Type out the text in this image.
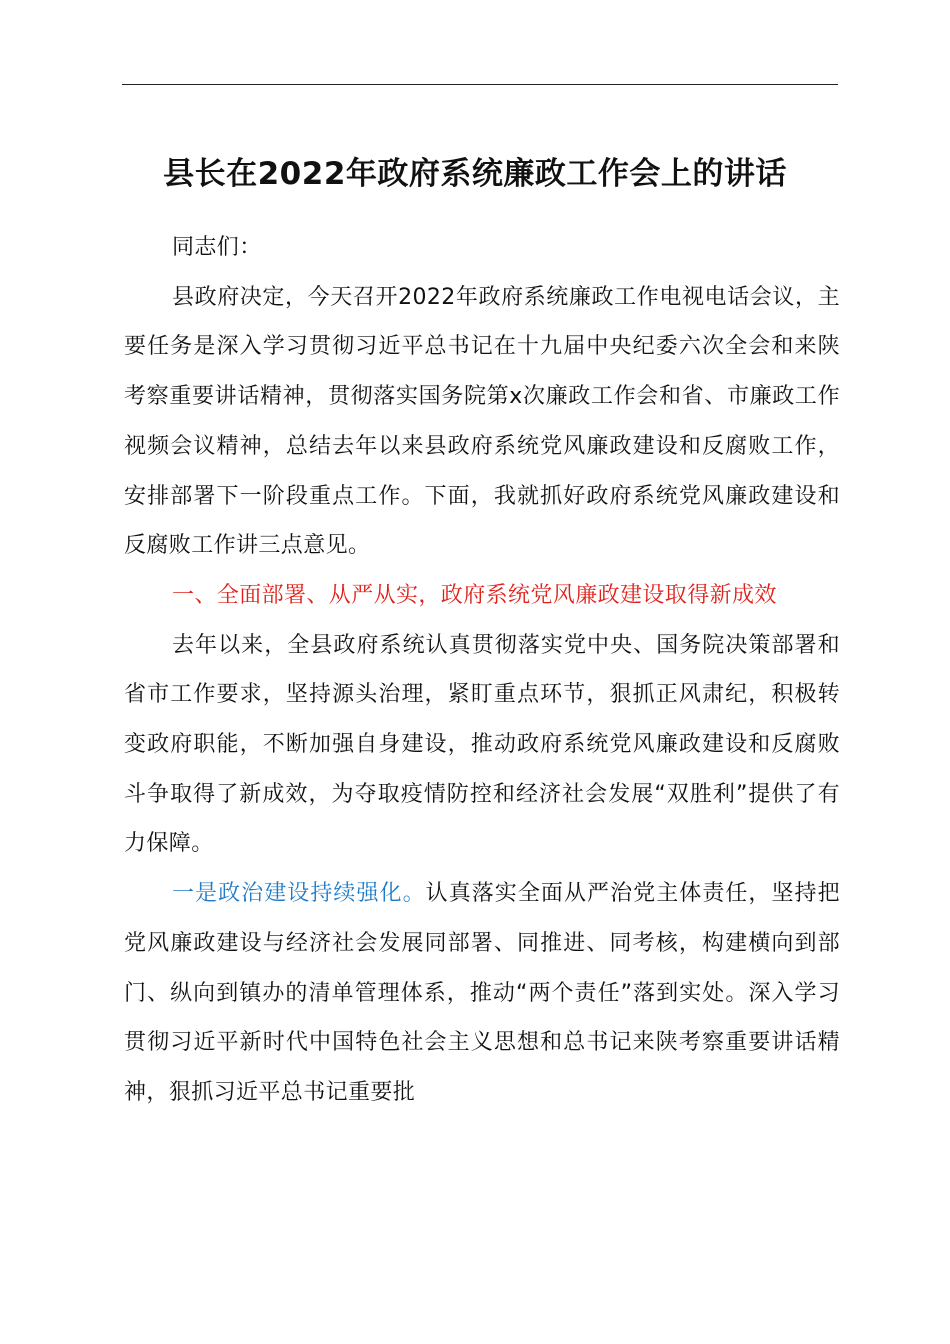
县长在2022年政府系统廉政工作会上的讲话

同志们：

县政府决定，今天召开2022年政府系统廉政工作电视电话会议，主要任务是深入学习贯彻习近平总书记在十九届中央纪委六次全会和来陕考察重要讲话精神，贯彻落实国务院第x次廉政工作会和省、市廉政工作视频会议精神，总结去年以来县政府系统党风廉政建设和反腐败工作，安排部署下一阶段重点工作。下面，我就抓好政府系统党风廉政建设和反腐败工作讲三点意见。

一、全面部署、从严从实，政府系统党风廉政建设取得新成效

去年以来，全县政府系统认真贯彻落实党中央、国务院决策部署和省市工作要求，坚持源头治理，紧盯重点环节，狠抓正风肃纪，积极转变政府职能，不断加强自身建设，推动政府系统党风廉政建设和反腐败斗争取得了新成效，为夺取疫情防控和经济社会发展“双胜利”提供了有力保障。

一是政治建设持续强化。认真落实全面从严治党主体责任，坚持把党风廉政建设与经济社会发展同部署、同推进、同考核，构建横向到部门、纵向到镇办的清单管理体系，推动“两个责任”落到实处。深入学习贯彻习近平新时代中国特色社会主义思想和总书记来陕考察重要讲话精神，狠抓习近平总书记重要批
